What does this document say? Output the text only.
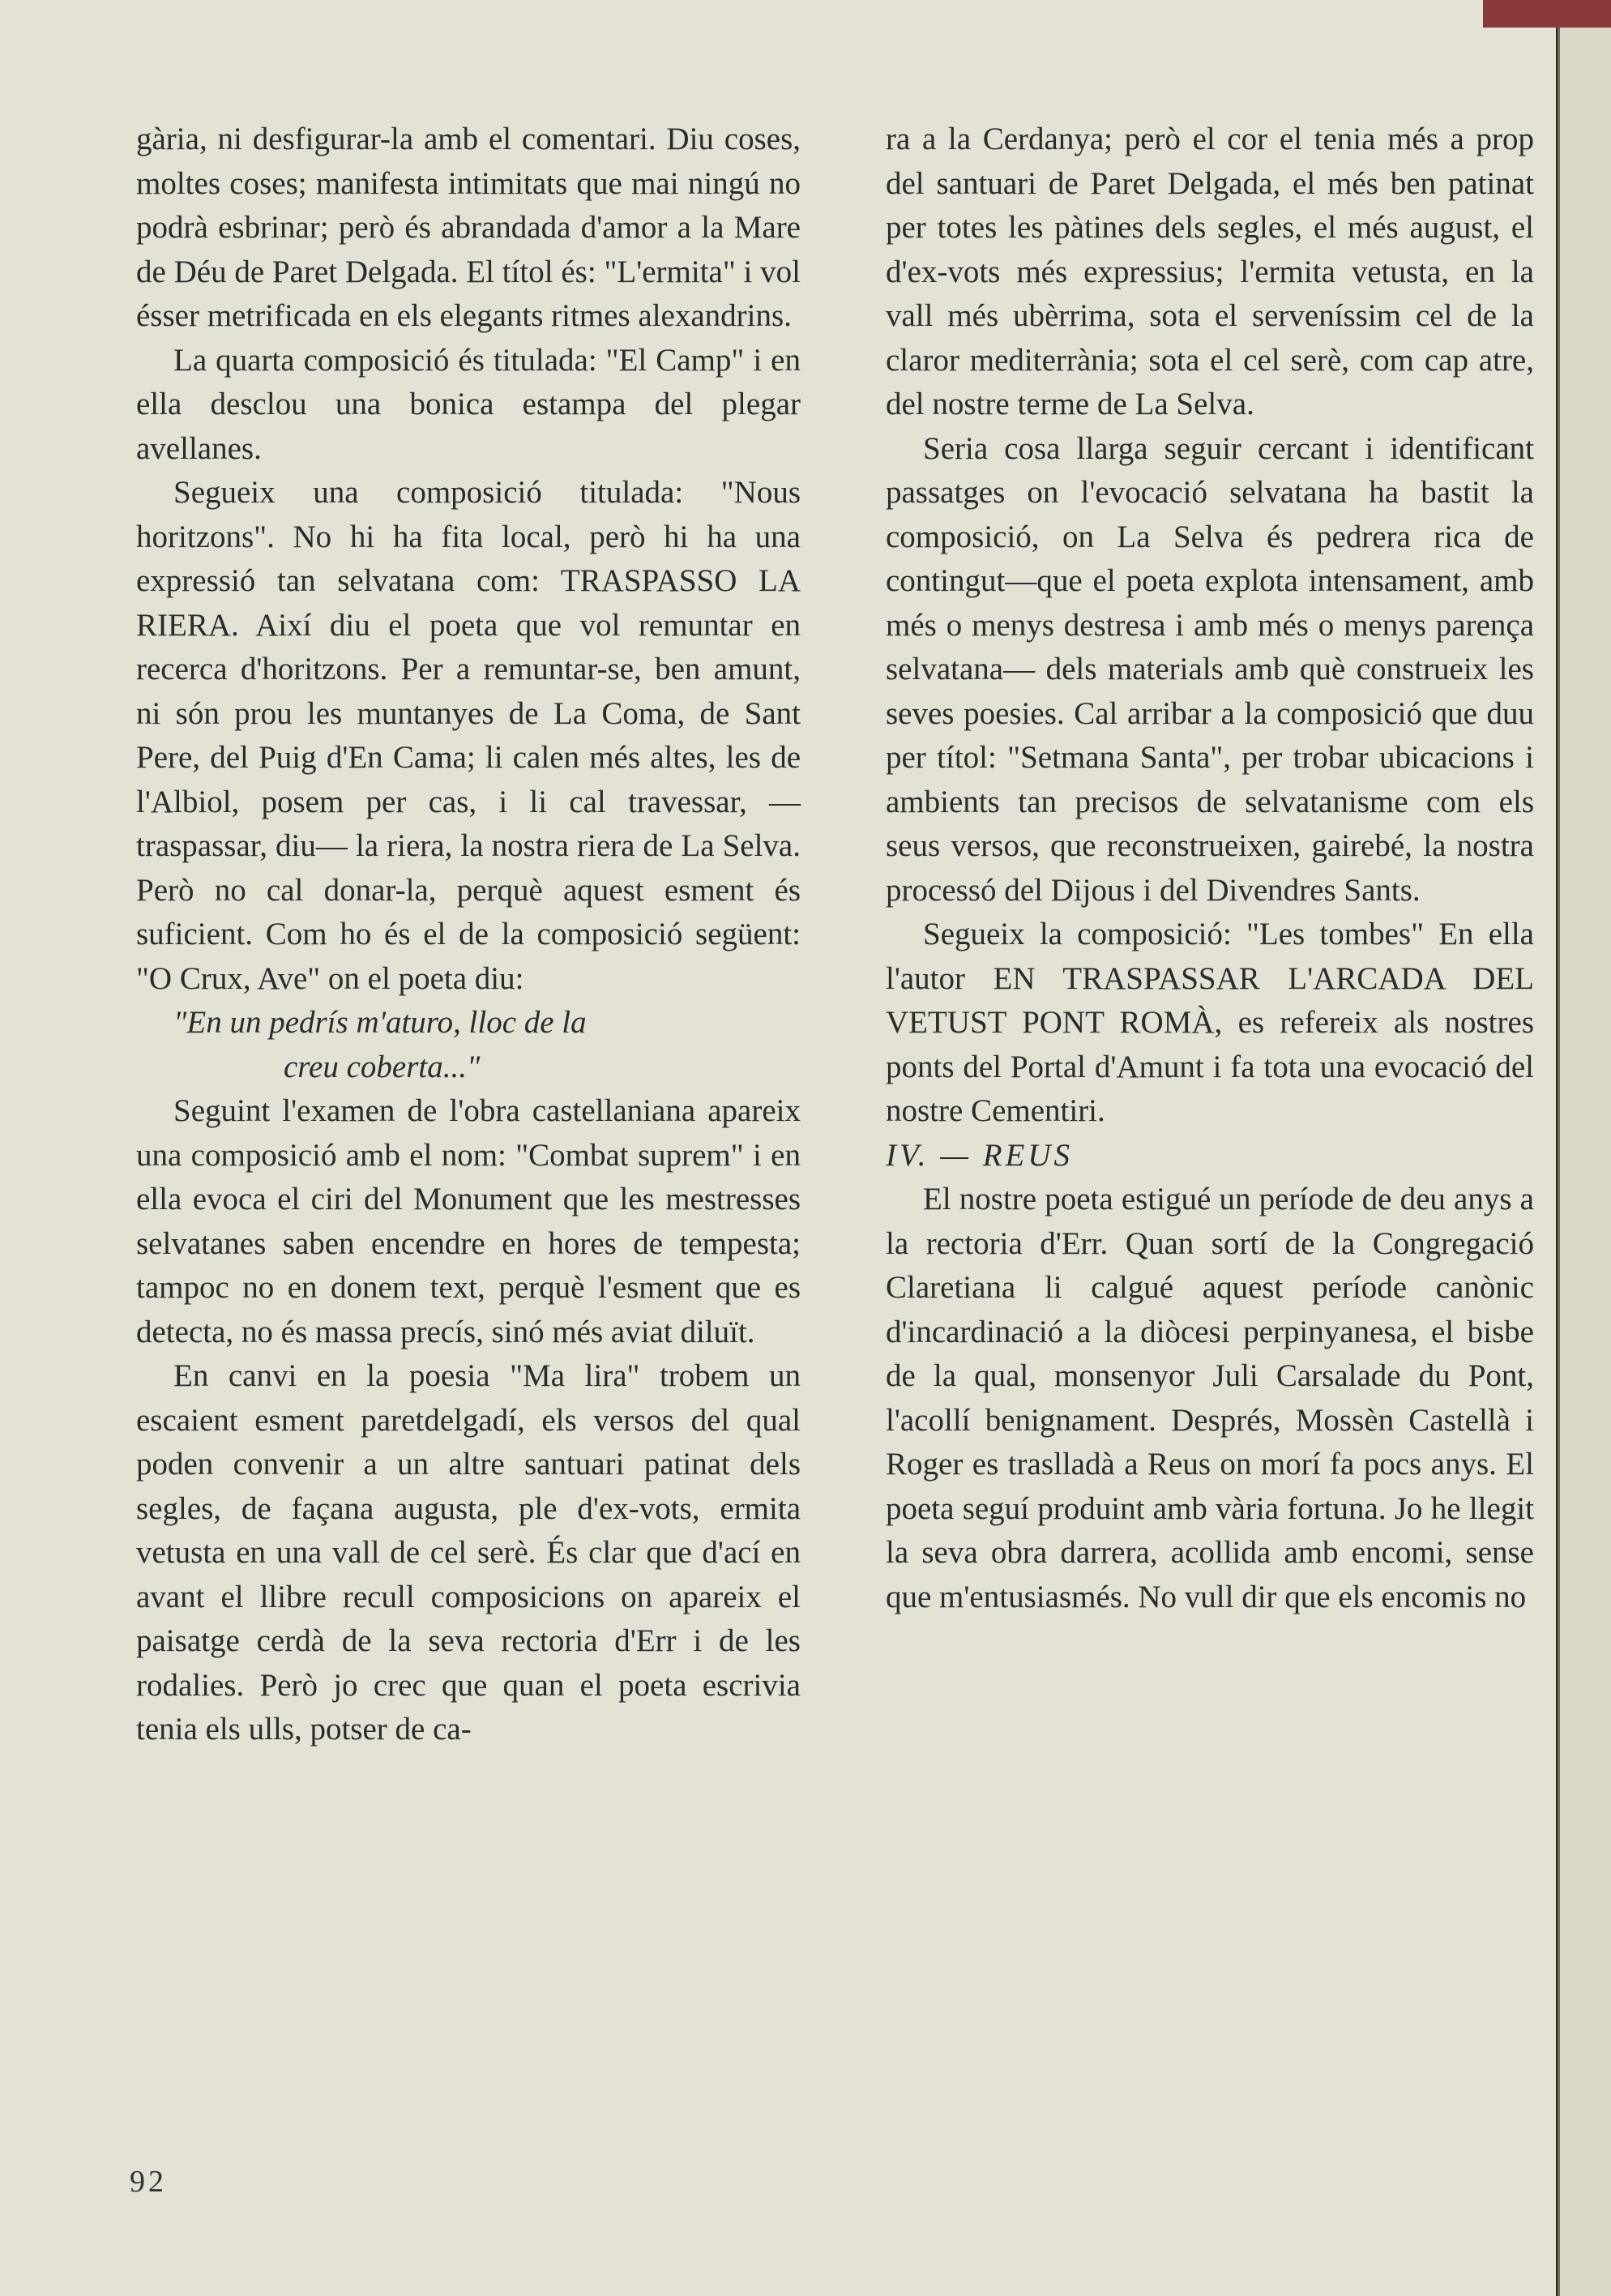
gària, ni desfigurar-la amb el comentari. Diu coses, moltes coses; manifesta intimitats que mai ningú no podrà esbrinar; però és abrandada d'amor a la Mare de Déu de Paret Delgada. El títol és: "L'ermita" i vol ésser metrificada en els elegants ritmes alexandrins.

La quarta composició és titulada: "El Camp" i en ella desclou una bonica estampa del plegar avellanes.

Segueix una composició titulada: "Nous horitzons". No hi ha fita local, però hi ha una expressió tan selvatana com: TRASPASSO LA RIERA. Així diu el poeta que vol remuntar en recerca d'horitzons. Per a remuntar-se, ben amunt, ni són prou les muntanyes de La Coma, de Sant Pere, del Puig d'En Cama; li calen més altes, les de l'Albiol, posem per cas, i li cal travessar, —traspassar, diu— la riera, la nostra riera de La Selva. Però no cal donar-la, perquè aquest esment és suficient. Com ho és el de la composició següent: "O Crux, Ave" on el poeta diu:

"En un pedrís m'aturo, lloc de la

creu coberta..."

Seguint l'examen de l'obra castellaniana apareix una composició amb el nom: "Combat suprem" i en ella evoca el ciri del Monument que les mestresses selvatanes saben encendre en hores de tempesta; tampoc no en donem text, perquè l'esment que es detecta, no és massa precís, sinó més aviat diluït.

En canvi en la poesia "Ma lira" trobem un escaient esment paretdelgadí, els versos del qual poden convenir a un altre santuari patinat dels segles, de façana augusta, ple d'ex-vots, ermita vetusta en una vall de cel serè. És clar que d'ací en avant el llibre recull composicions on apareix el paisatge cerdà de la seva rectoria d'Err i de les rodalies. Però jo crec que quan el poeta escrivia tenia els ulls, potser de ca-

ra a la Cerdanya; però el cor el tenia més a prop del santuari de Paret Delgada, el més ben patinat per totes les pàtines dels segles, el més august, el d'ex-vots més expressius; l'ermita vetusta, en la vall més ubèrrima, sota el serveníssim cel de la claror mediterrània; sota el cel serè, com cap atre, del nostre terme de La Selva.

Seria cosa llarga seguir cercant i identificant passatges on l'evocació selvatana ha bastit la composició, on La Selva és pedrera rica de contingut—que el poeta explota intensament, amb més o menys destresa i amb més o menys parença selvatana— dels materials amb què construeix les seves poesies. Cal arribar a la composició que duu per títol: "Setmana Santa", per trobar ubicacions i ambients tan precisos de selvatanisme com els seus versos, que reconstrueixen, gairebé, la nostra processó del Dijous i del Divendres Sants.

Segueix la composició: "Les tombes" En ella l'autor EN TRASPASSAR L'ARCADA DEL VETUST PONT ROMÀ, es refereix als nostres ponts del Portal d'Amunt i fa tota una evocació del nostre Cementiri.

IV. — REUS

El nostre poeta estigué un període de deu anys a la rectoria d'Err. Quan sortí de la Congregació Claretiana li calgué aquest període canònic d'incardinació a la diòcesi perpinyanesa, el bisbe de la qual, monsenyor Juli Carsalade du Pont, l'acollí benignament. Després, Mossèn Castellà i Roger es traslladà a Reus on morí fa pocs anys. El poeta seguí produint amb vària fortuna. Jo he llegit la seva obra darrera, acollida amb encomi, sense que m'entusiasmés. No vull dir que els encomis no

92
